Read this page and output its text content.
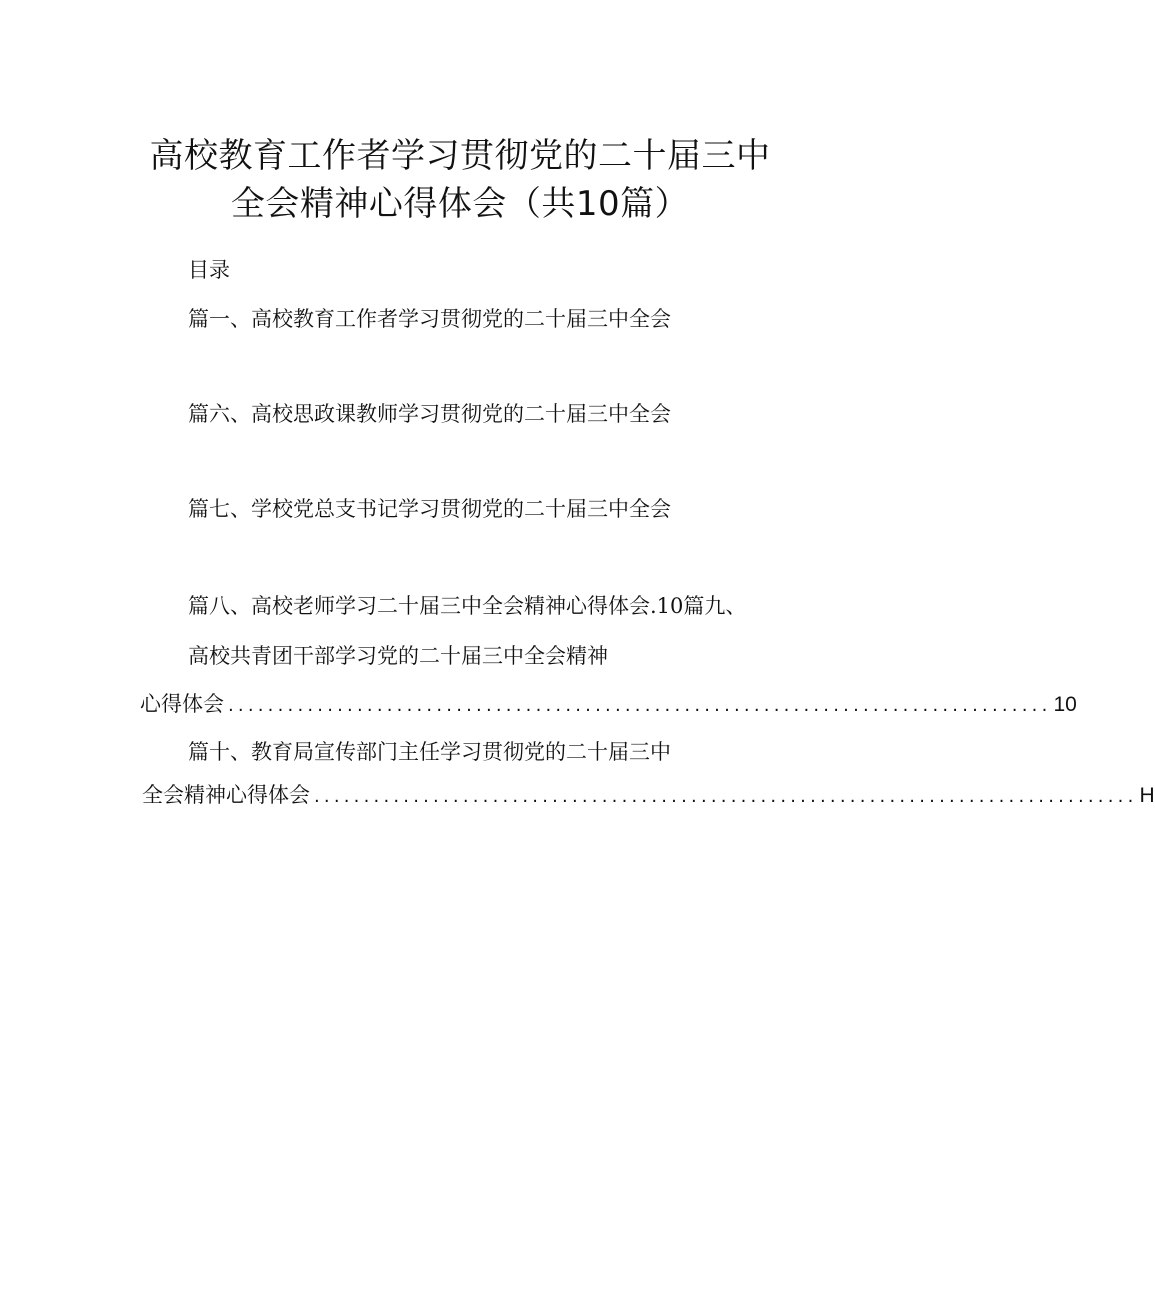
高校教育工作者学习贯彻党的二十届三中
全会精神心得体会（共10篇）
目录
篇一、高校教育工作者学习贯彻党的二十届三中全会
篇六、高校思政课教师学习贯彻党的二十届三中全会
篇七、学校党总支书记学习贯彻党的二十届三中全会
篇八、高校老师学习二十届三中全会精神心得体会.10篇九、
高校共青团干部学习党的二十届三中全会精神
心得体会 ................................................................................... 10
篇十、教育局宣传部门主任学习贯彻党的二十届三中
全会精神心得体会 ................................................................................... H
